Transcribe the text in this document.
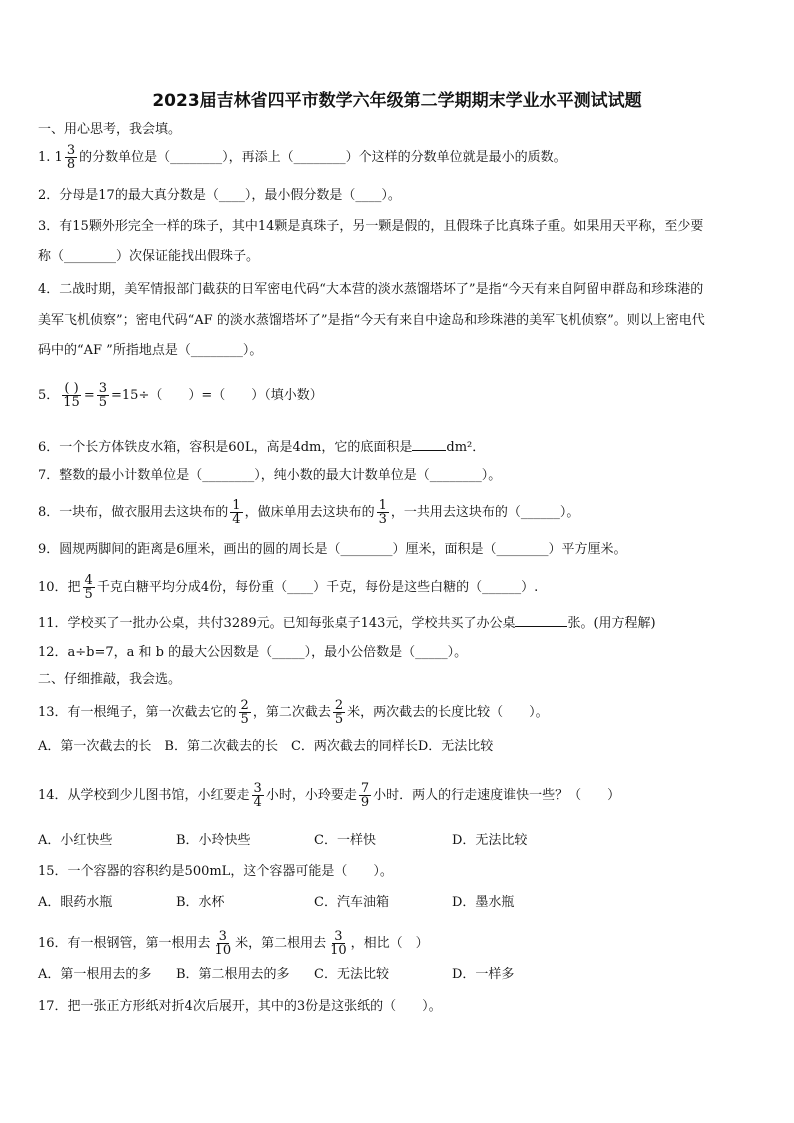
2023届吉林省四平市数学六年级第二学期期末学业水平测试试题
一、用心思考，我会填。
1. $1 \frac{3}{8}$ 的分数单位是（________），再添上（________）个这样的分数单位就是最小的质数。
2．分母是17的最大真分数是（____），最小假分数是（____）。
3．有15颗外形完全一样的珠子，其中14颗是真珠子，另一颗是假的，且假珠子比真珠子重。如果用天平称，至少要
称（________）次保证能找出假珠子。
4．二战时期，美军情报部门截获的日军密电代码“大本营的淡水蒸馏塔坏了”是指“今天有来自阿留申群岛和珍珠港的
美军飞机侦察”；密电代码“AF 的淡水蒸馏塔坏了”是指“今天有来自中途岛和珍珠港的美军飞机侦察”。则以上密电代
码中的“AF ”所指地点是（________）。
5． $\frac{( )}{15} = \frac{3}{5} =15\div$（　　）=（　　）（填小数）
6．一个长方体铁皮水箱，容积是60L，高是4dm，它的底面积是	dm²．
7．整数的最小计数单位是（________），纯小数的最大计数单位是（________）。
8．一块布，做衣服用去这块布的 $\frac{1}{4}$ ，做床单用去这块布的 $\frac{1}{3}$ ，一共用去这块布的（______）。
9．圆规两脚间的距离是6厘米，画出的圆的周长是（________）厘米，面积是（________）平方厘米。
10．把 $\frac{4}{5}$ 千克白糖平均分成4份，每份重（____）千克，每份是这些白糖的（______）.
11．学校买了一批办公桌，共付3289元。已知每张桌子143元，学校共买了办公桌	张。(用方程解)
12．a÷b=7，a 和 b 的最大公因数是（_____），最小公倍数是（_____）。
二、仔细推敲，我会选。
13．有一根绳子，第一次截去它的 $\frac{2}{5}$ ，第二次截去 $\frac{2}{5}$ 米，两次截去的长度比较（　　）。
A．第一次截去的长　B．第二次截去的长　C．两次截去的同样长D．无法比较
14．从学校到少儿图书馆，小红要走 $\frac{3}{4}$ 小时，小玲要走 $\frac{7}{9}$ 小时．两人的行走速度谁快一些？（　　）
A．小红快些	B．小玲快些	C．一样快	D．无法比较
15．一个容器的容积约是500mL，这个容器可能是（　　）。
A．眼药水瓶	B．水杯	C．汽车油箱	D．墨水瓶
16．有一根钢管，第一根用去 $\frac{3}{10}$ 米，第二根用去 $\frac{3}{10}$ ，相比（　）
A．第一根用去的多 B．第二根用去的多 C．无法比较	D．一样多
17．把一张正方形纸对折4次后展开，其中的3份是这张纸的（　　）。
